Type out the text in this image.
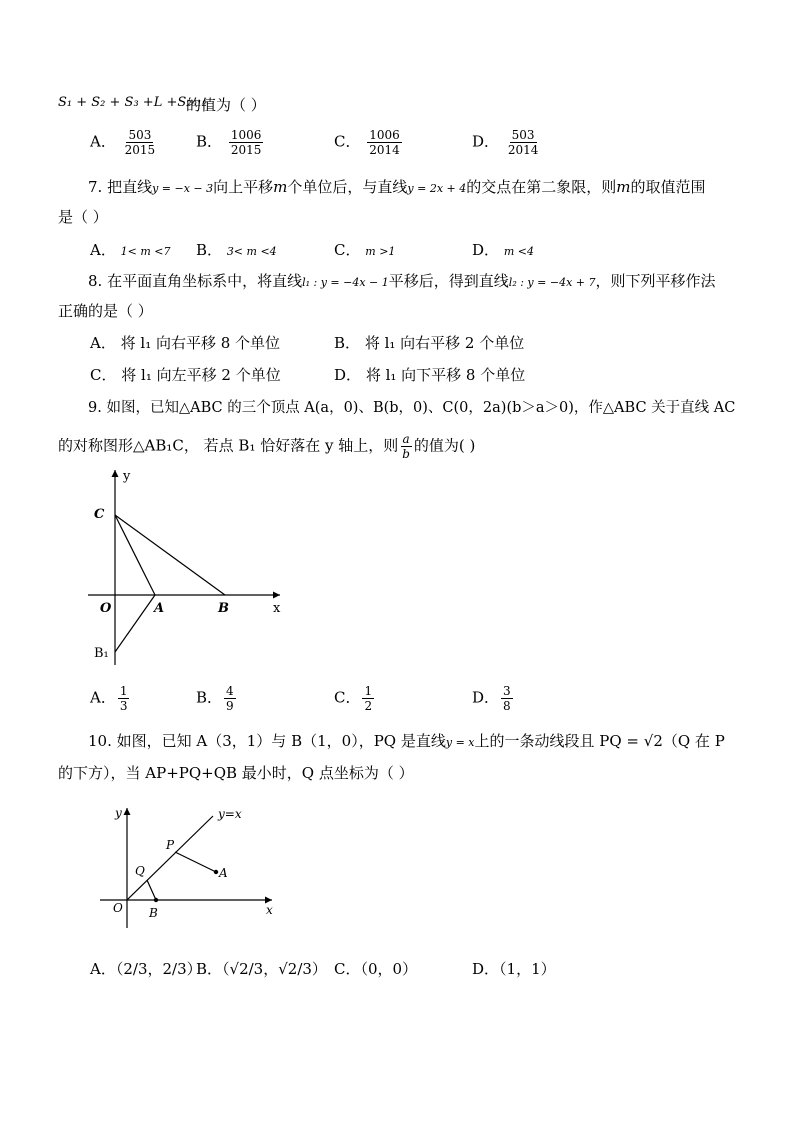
S₁ + S₂ + S₃ +L +S₂₀₁₂
的值为（ ）
A． $\frac{503}{2015}$	B． $\frac{1006}{2015}$	C． $\frac{1006}{2014}$	D． $\frac{503}{2014}$
7. 把直线y = −x − 3向上平移m个单位后，与直线y = 2x + 4的交点在第二象限，则m的取值范围
是（ ）
A． 1< m <7 B． 3< m <4	C． m >1	D． m <4
8. 在平面直角坐标系中，将直线l₁ : y = −4x − 1平移后，得到直线l₂ : y = −4x + 7，则下列平移作法
正确的是（ ）
A． 将 l₁ 向右平移 8 个单位	B． 将 l₁ 向右平移 2 个单位
C． 将 l₁ 向左平移 2 个单位	D． 将 l₁ 向下平移 8 个单位
9. 如图，已知△ABC 的三个顶点 A(a，0)、B(b，0)、C(0，2a)(b＞a＞0)，作△ABC 关于直线 AC
的对称图形△AB₁C， 若点 B₁ 恰好落在 y 轴上，则 $\frac{a}{b}$ 的值为( )
y
x
C
O	A	B
B₁
A． $\frac{1}{3}$	B． $\frac{4}{9}$	C． $\frac{1}{2}$	D． $\frac{3}{8}$
10. 如图，已知 A（3，1）与 B（1，0），PQ 是直线y = x上的一条动线段且 PQ = √2（Q 在 P
的下方），当 AP+PQ+QB 最小时，Q 点坐标为（ ）
y
x
y=x
P
Q	A
O B
A．（2/3，2/3）
B．（√2/3，√2/3） C．（0，0）	D．（1，1）
